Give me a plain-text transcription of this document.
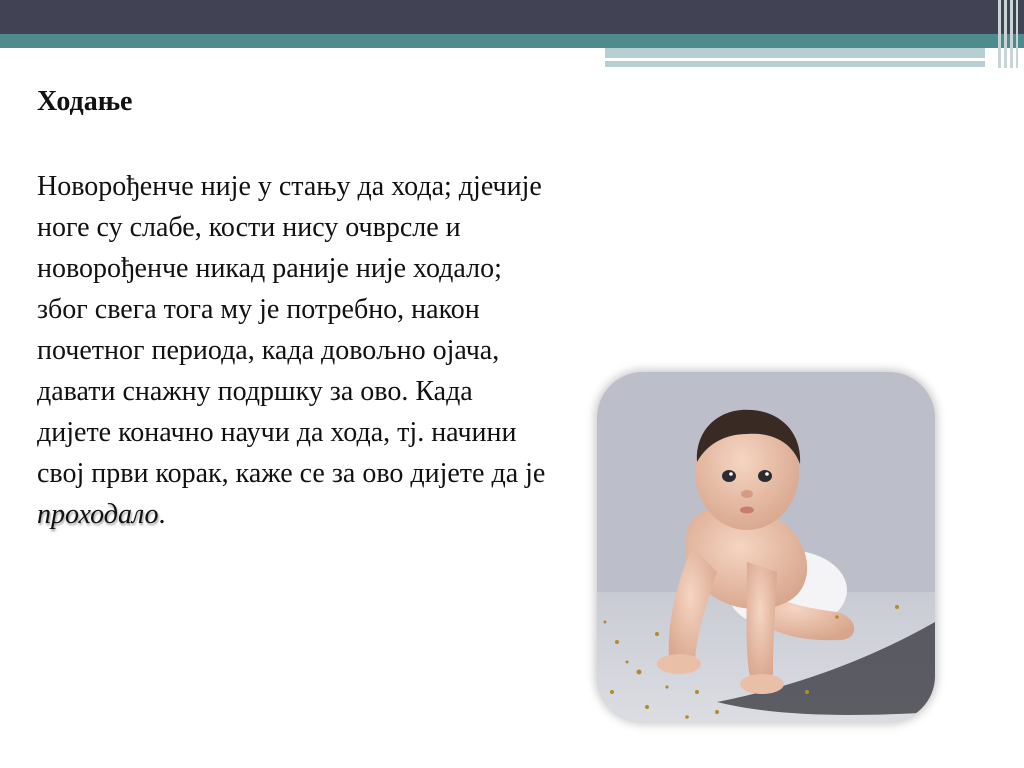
Ходање

Новорођенче није у стању да хода; дјечије ноге су слабе, кости нису очврсле и новорођенче никад раније није ходало; због свега тога му је потребно, након почетног периода, када довољно ојача, давати снажну подршку за ово. Када дијете коначно научи да хода, тј. начини свој први корак, каже се за ово дијете да је проходало.
